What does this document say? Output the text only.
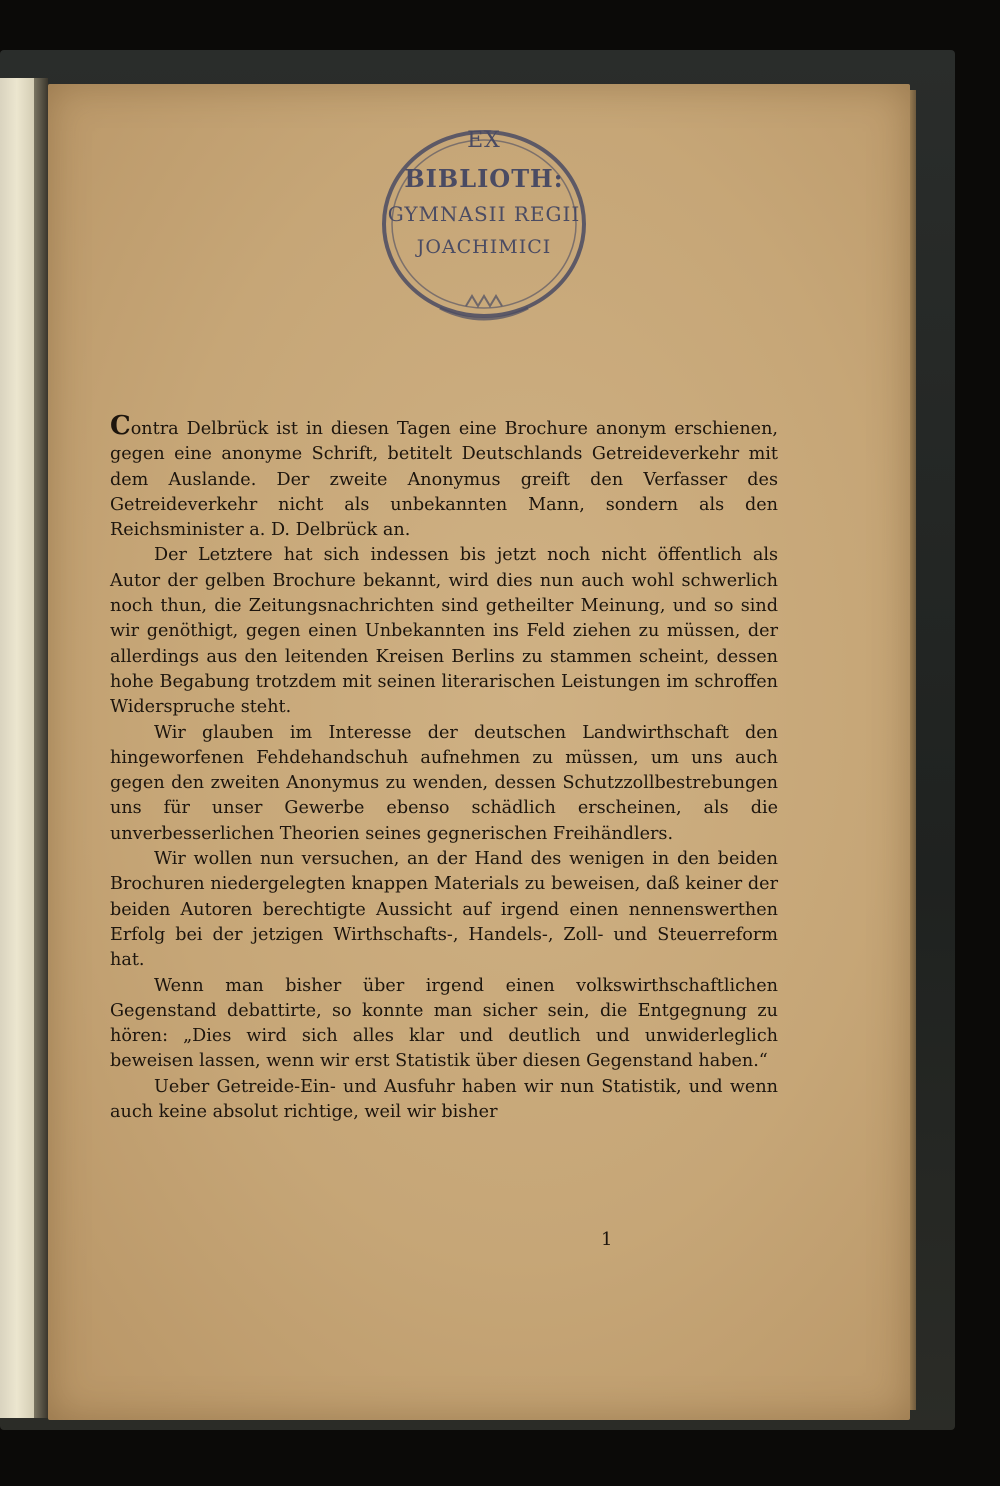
EX
BIBLIOTH:
GYMNASII REGII
JOACHIMICI

Contra Delbrück ist in diesen Tagen eine Brochure anonym erschienen, gegen eine anonyme Schrift, betitelt Deutschlands Getreideverkehr mit dem Auslande. Der zweite Anonymus greift den Verfasser des Getreideverkehr nicht als unbekannten Mann, sondern als den Reichsminister a. D. Delbrück an.

Der Letztere hat sich indessen bis jetzt noch nicht öffentlich als Autor der gelben Brochure bekannt, wird dies nun auch wohl schwerlich noch thun, die Zeitungsnachrichten sind getheilter Meinung, und so sind wir genöthigt, gegen einen Unbekannten ins Feld ziehen zu müssen, der allerdings aus den leitenden Kreisen Berlins zu stammen scheint, dessen hohe Begabung trotzdem mit seinen literarischen Leistungen im schroffen Widerspruche steht.

Wir glauben im Interesse der deutschen Landwirthschaft den hingeworfenen Fehdehandschuh aufnehmen zu müssen, um uns auch gegen den zweiten Anonymus zu wenden, dessen Schutzzollbestrebungen uns für unser Gewerbe ebenso schädlich erscheinen, als die unverbesserlichen Theorien seines gegnerischen Freihändlers.

Wir wollen nun versuchen, an der Hand des wenigen in den beiden Brochuren niedergelegten knappen Materials zu beweisen, daß keiner der beiden Autoren berechtigte Aussicht auf irgend einen nennenswerthen Erfolg bei der jetzigen Wirthschafts-, Handels-, Zoll- und Steuerreform hat.

Wenn man bisher über irgend einen volkswirthschaftlichen Gegenstand debattirte, so konnte man sicher sein, die Entgegnung zu hören: „Dies wird sich alles klar und deutlich und unwiderleglich beweisen lassen, wenn wir erst Statistik über diesen Gegenstand haben.“

Ueber Getreide-Ein- und Ausfuhr haben wir nun Statistik, und wenn auch keine absolut richtige, weil wir bisher

1
